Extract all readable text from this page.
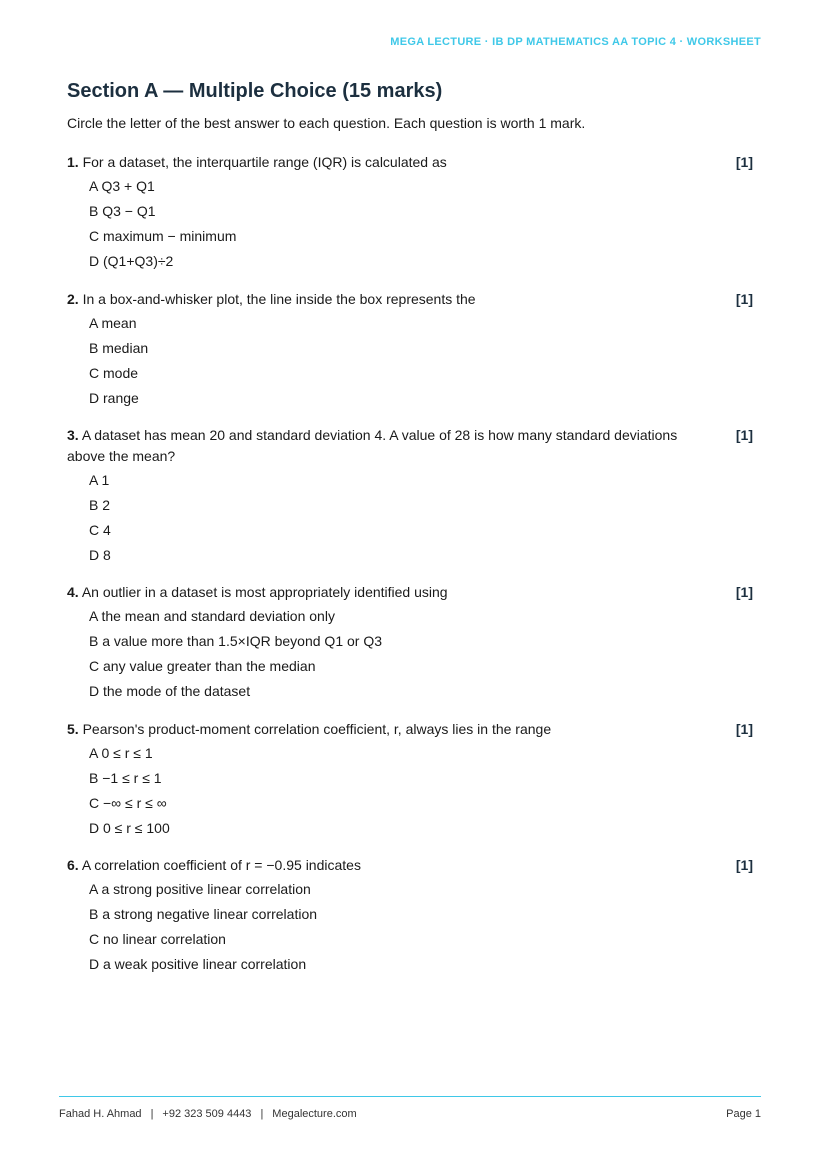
MEGA LECTURE · IB DP MATHEMATICS AA TOPIC 4 · WORKSHEET
Section A — Multiple Choice (15 marks)

Circle the letter of the best answer to each question. Each question is worth 1 mark.

1. For a dataset, the interquartile range (IQR) is calculated as	[1]
A Q3 + Q1
B Q3 − Q1
C maximum − minimum
D (Q1+Q3)÷2
2. In a box-and-whisker plot, the line inside the box represents the	[1]
A mean
B median
C mode
D range
3. A dataset has mean 20 and standard deviation 4. A value of 28 is how many standard deviations above the mean?
[1]
A 1
B 2
C 4
D 8
4. An outlier in a dataset is most appropriately identified using	[1]
A the mean and standard deviation only
B a value more than 1.5×IQR beyond Q1 or Q3
C any value greater than the median
D the mode of the dataset
5. Pearson's product-moment correlation coefficient, r, always lies in the range	[1]
A 0 ≤ r ≤ 1
B −1 ≤ r ≤ 1
C −∞ ≤ r ≤ ∞
D 0 ≤ r ≤ 100
6. A correlation coefficient of r = −0.95 indicates	[1]
A a strong positive linear correlation
B a strong negative linear correlation
C no linear correlation
D a weak positive linear correlation
Fahad H. Ahmad | +92 323 509 4443 | Megalecture.com	Page 1
